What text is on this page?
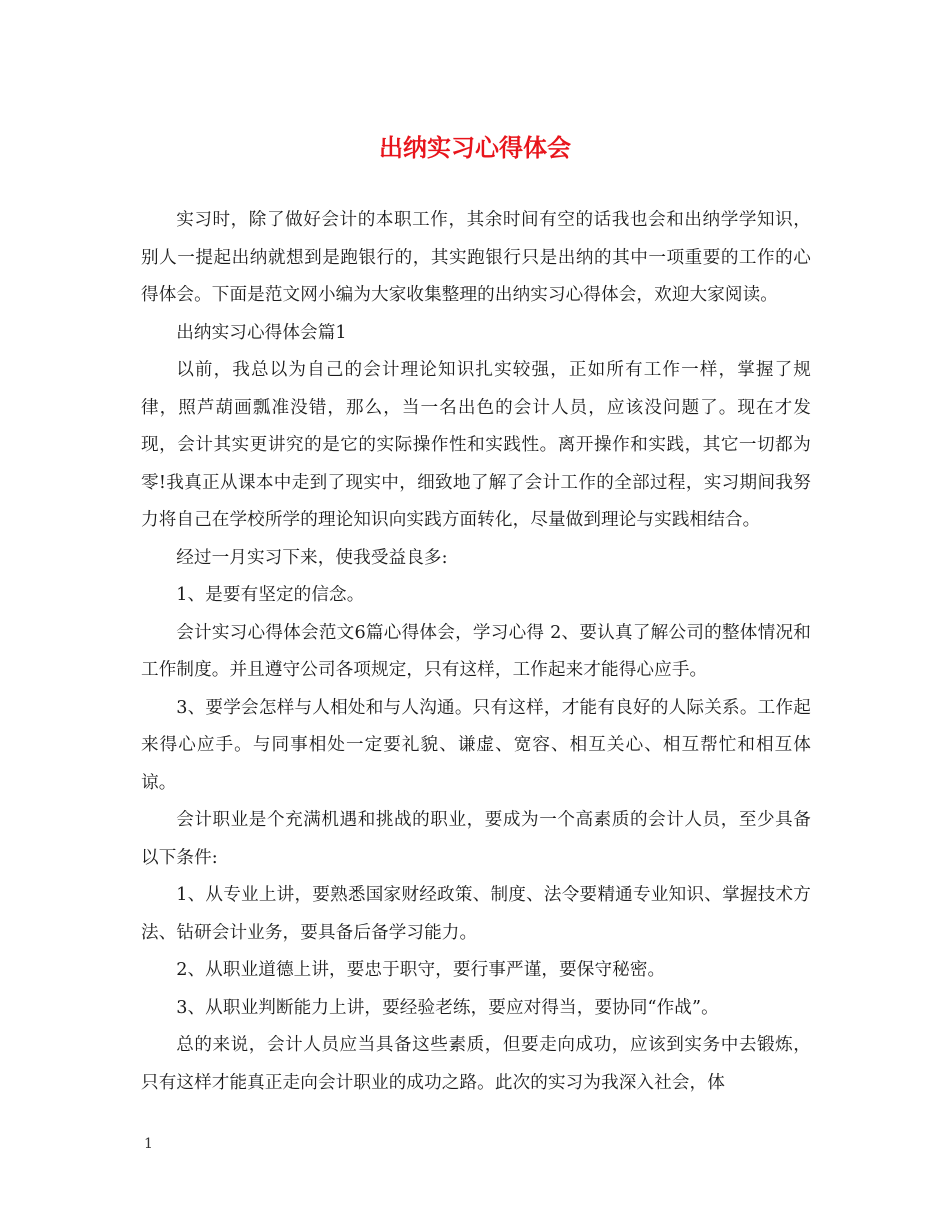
出纳实习心得体会

实习时，除了做好会计的本职工作，其余时间有空的话我也会和出纳学学知识，别人一提起出纳就想到是跑银行的，其实跑银行只是出纳的其中一项重要的工作的心得体会。下面是范文网小编为大家收集整理的出纳实习心得体会，欢迎大家阅读。

出纳实习心得体会篇1

以前，我总以为自己的会计理论知识扎实较强，正如所有工作一样，掌握了规律，照芦葫画瓢准没错，那么，当一名出色的会计人员，应该没问题了。现在才发现，会计其实更讲究的是它的实际操作性和实践性。离开操作和实践，其它一切都为零!我真正从课本中走到了现实中，细致地了解了会计工作的全部过程，实习期间我努力将自己在学校所学的理论知识向实践方面转化，尽量做到理论与实践相结合。

经过一月实习下来，使我受益良多:

1、是要有坚定的信念。

会计实习心得体会范文6篇心得体会，学习心得 2、要认真了解公司的整体情况和工作制度。并且遵守公司各项规定，只有这样，工作起来才能得心应手。

3、要学会怎样与人相处和与人沟通。只有这样，才能有良好的人际关系。工作起来得心应手。与同事相处一定要礼貌、谦虚、宽容、相互关心、相互帮忙和相互体谅。

会计职业是个充满机遇和挑战的职业，要成为一个高素质的会计人员，至少具备以下条件:

1、从专业上讲，要熟悉国家财经政策、制度、法令要精通专业知识、掌握技术方法、钻研会计业务，要具备后备学习能力。

2、从职业道德上讲，要忠于职守，要行事严谨，要保守秘密。

3、从职业判断能力上讲，要经验老练，要应对得当，要协同“作战”。

总的来说，会计人员应当具备这些素质，但要走向成功，应该到实务中去锻炼，只有这样才能真正走向会计职业的成功之路。此次的实习为我深入社会，体

1
